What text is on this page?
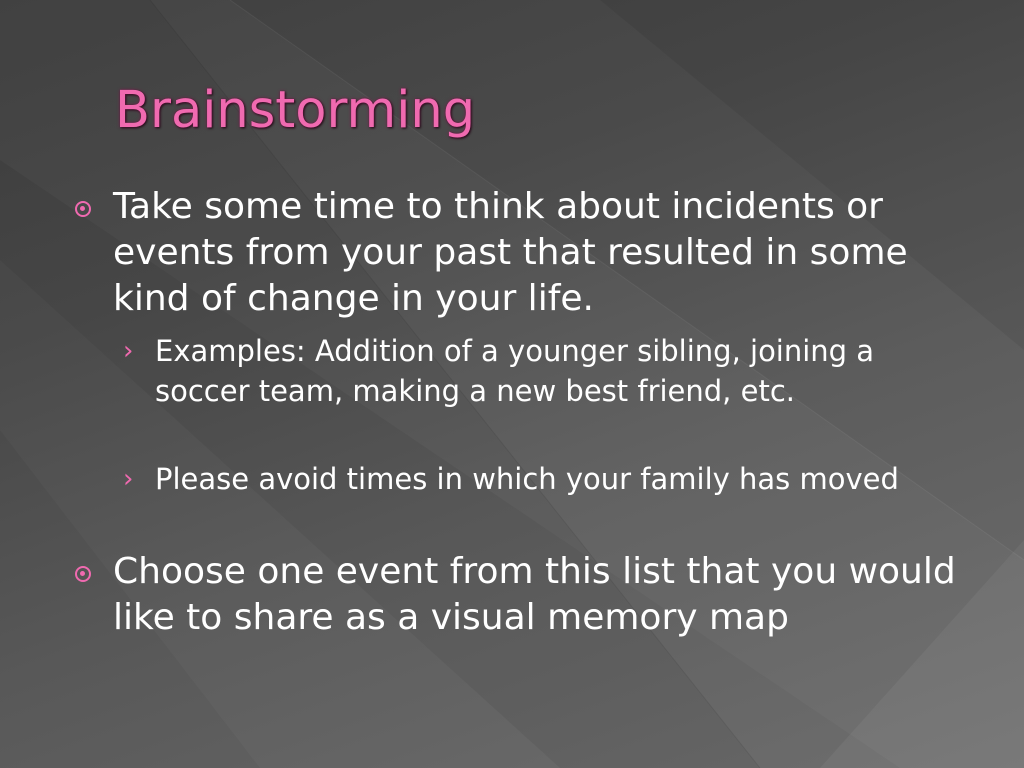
Brainstorming

Take some time to think about incidents or events from your past that resulted in some kind of change in your life.

› Examples: Addition of a younger sibling, joining a soccer team, making a new best friend, etc.

› Please avoid times in which your family has moved

Choose one event from this list that you would like to share as a visual memory map
